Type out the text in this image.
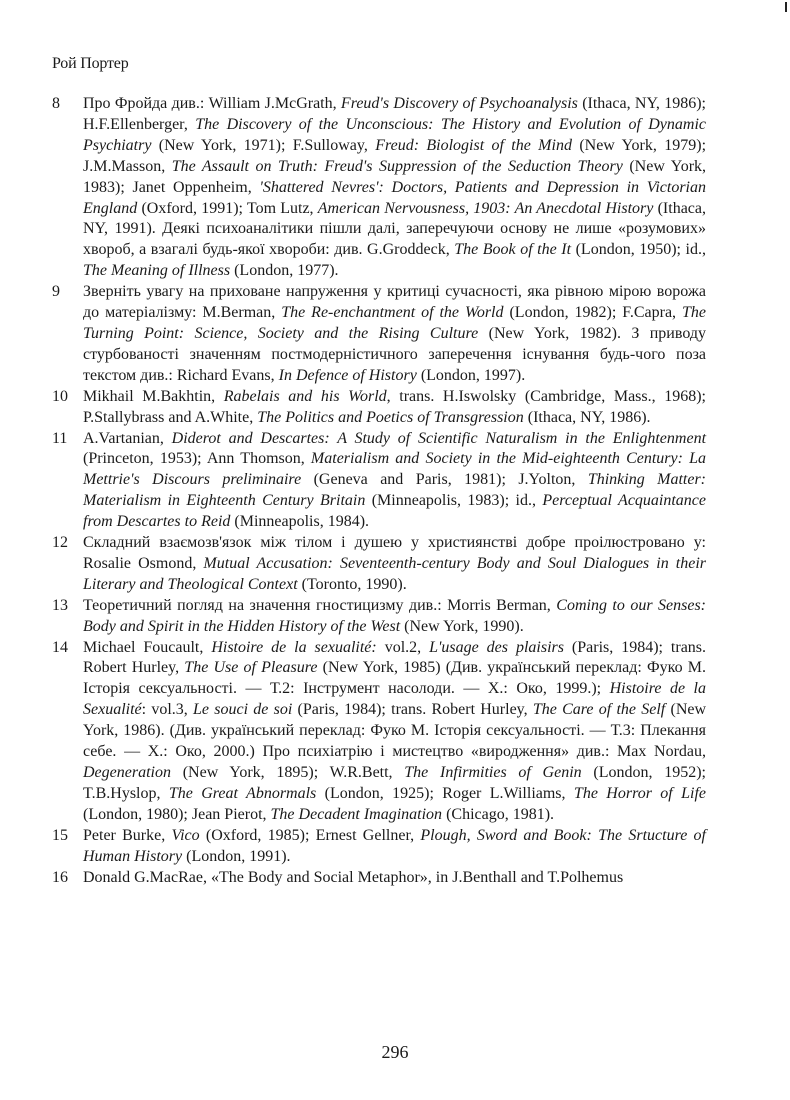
Рой Портер
8	Про Фройда див.: William J.McGrath, Freud's Discovery of Psychoanalysis (Ithaca, NY, 1986); H.F.Ellenberger, The Discovery of the Unconscious: The History and Evolution of Dynamic Psychiatry (New York, 1971); F.Sulloway, Freud: Biologist of the Mind (New York, 1979); J.M.Masson, The Assault on Truth: Freud's Suppression of the Seduction Theory (New York, 1983); Janet Oppenheim, 'Shattered Nevres': Doctors, Patients and Depression in Victorian England (Oxford, 1991); Tom Lutz, American Nervousness, 1903: An Anecdotal History (Ithaca, NY, 1991). Деякі психоаналітики пішли далі, заперечуючи основу не лише «розумових» хвороб, а взагалі будь-якої хвороби: див. G.Groddeck, The Book of the It (London, 1950); id., The Meaning of Illness (London, 1977).
9	Зверніть увагу на приховане напруження у критиці сучасності, яка рівною мірою ворожа до матеріалізму: M.Berman, The Re-enchantment of the World (London, 1982); F.Capra, The Turning Point: Science, Society and the Rising Culture (New York, 1982). З приводу стурбованості значенням постмодерністичного заперечення існування будь-чого поза текстом див.: Richard Evans, In Defence of History (London, 1997).
10 Mikhail M.Bakhtin, Rabelais and his World, trans. H.Iswolsky (Cambridge, Mass., 1968); P.Stallybrass and A.White, The Politics and Poetics of Transgression (Ithaca, NY, 1986).
11 A.Vartanian, Diderot and Descartes: A Study of Scientific Naturalism in the Enlightenment (Princeton, 1953); Ann Thomson, Materialism and Society in the Mid-eighteenth Century: La Mettrie's Discours preliminaire (Geneva and Paris, 1981); J.Yolton, Thinking Matter: Materialism in Eighteenth Century Britain (Minneapolis, 1983); id., Perceptual Acquaintance from Descartes to Reid (Minneapolis, 1984).
12 Складний взаємозв'язок між тілом і душею у християнстві добре проілюстровано у: Rosalie Osmond, Mutual Accusation: Seventeenth-century Body and Soul Dialogues in their Literary and Theological Context (Toronto, 1990).
13 Теоретичний погляд на значення гностицизму див.: Morris Berman, Coming to our Senses: Body and Spirit in the Hidden History of the West (New York, 1990).
14 Michael Foucault, Histoire de la sexualité: vol.2, L'usage des plaisirs (Paris, 1984); trans. Robert Hurley, The Use of Pleasure (New York, 1985) (Див. український переклад: Фуко М. Історія сексуальності. — Т.2: Інструмент насолоди. — Х.: Око, 1999.); Histoire de la Sexualité: vol.3, Le souci de soi (Paris, 1984); trans. Robert Hurley, The Care of the Self (New York, 1986). (Див. український переклад: Фуко М. Історія сексуальності. — Т.3: Плекання себе. — Х.: Око, 2000.) Про психіатрію і мистецтво «виродження» див.: Max Nordau, Degeneration (New York, 1895); W.R.Bett, The Infirmities of Genin (London, 1952); T.B.Hyslop, The Great Abnormals (London, 1925); Roger L.Williams, The Horror of Life (London, 1980); Jean Pierot, The Decadent Imagination (Chicago, 1981).
15 Peter Burke, Vico (Oxford, 1985); Ernest Gellner, Plough, Sword and Book: The Srtucture of Human History (London, 1991).
16 Donald G.MacRae, «The Body and Social Metaphor», in J.Benthall and T.Polhemus
296
